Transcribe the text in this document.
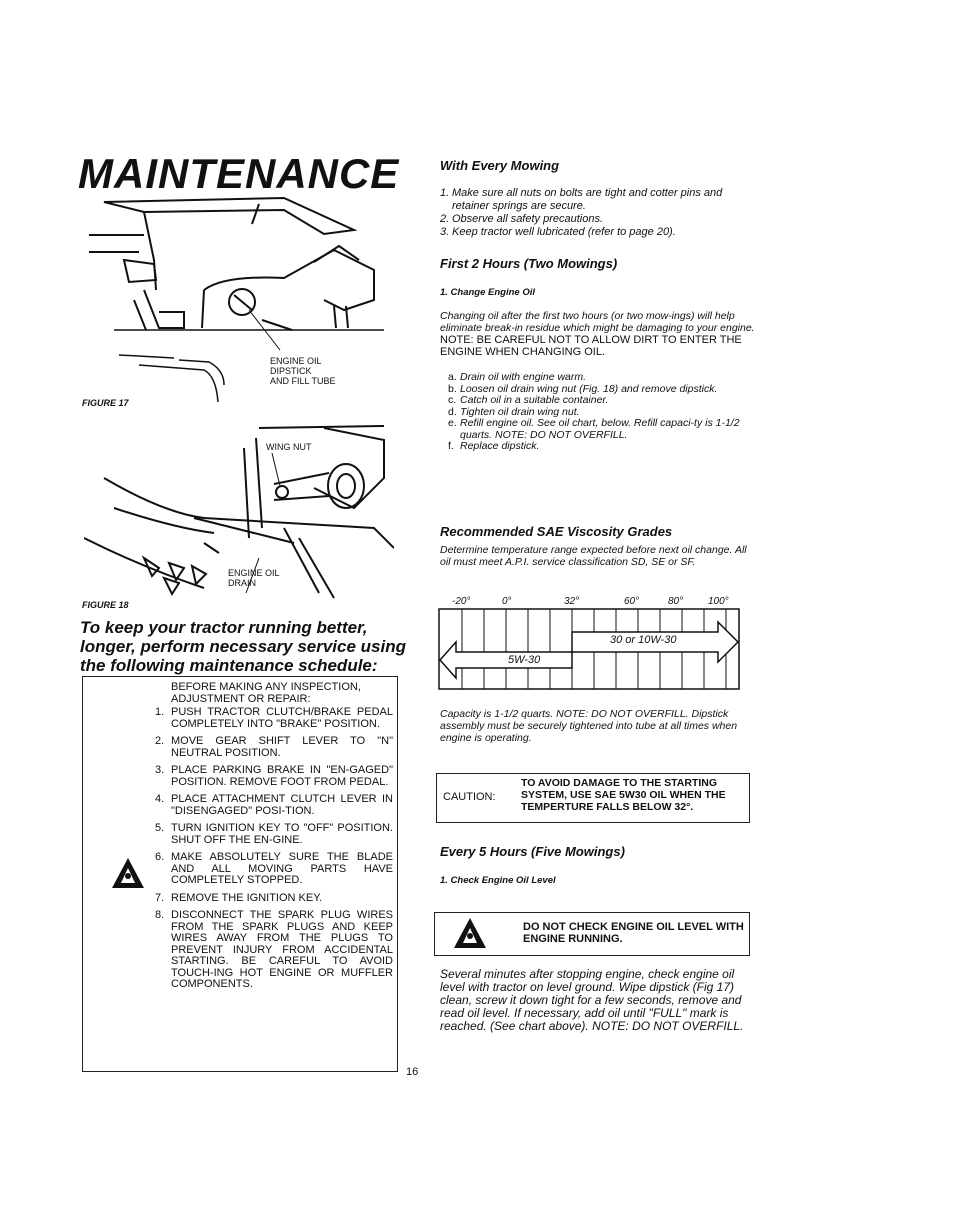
MAINTENANCE
ENGINE OIL
DIPSTICK
AND FILL TUBE
FIGURE 17
WING NUT
ENGINE OIL
DRAIN
FIGURE 18
To keep your tractor running better, longer, perform necessary service using the following maintenance schedule:
BEFORE MAKING ANY INSPECTION, ADJUSTMENT OR REPAIR:
1. PUSH TRACTOR CLUTCH/BRAKE PEDAL COMPLETELY INTO "BRAKE" POSITION.
2. MOVE GEAR SHIFT LEVER TO "N" NEUTRAL POSITION.
3. PLACE PARKING BRAKE IN "EN-GAGED" POSITION. REMOVE FOOT FROM PEDAL.
4. PLACE ATTACHMENT CLUTCH LEVER IN "DISENGAGED" POSI-TION.
5. TURN IGNITION KEY TO "OFF" POSITION. SHUT OFF THE EN-GINE.
6. MAKE ABSOLUTELY SURE THE BLADE AND ALL MOVING PARTS HAVE COMPLETELY STOPPED.
7. REMOVE THE IGNITION KEY.
8. DISCONNECT THE SPARK PLUG WIRES FROM THE SPARK PLUGS AND KEEP WIRES AWAY FROM THE PLUGS TO PREVENT INJURY FROM ACCIDENTAL STARTING. BE CAREFUL TO AVOID TOUCH-ING HOT ENGINE OR MUFFLER COMPONENTS.
16
With Every Mowing
1. Make sure all nuts on bolts are tight and cotter pins and retainer springs are secure.
2. Observe all safety precautions.
3. Keep tractor well lubricated (refer to page 20).
First 2 Hours (Two Mowings)
1. Change Engine Oil
Changing oil after the first two hours (or two mow-ings) will help eliminate break-in residue which might be damaging to your engine.
NOTE: BE CAREFUL NOT TO ALLOW DIRT TO ENTER THE ENGINE WHEN CHANGING OIL.
a. Drain oil with engine warm.
b. Loosen oil drain wing nut (Fig. 18) and remove dipstick.
c. Catch oil in a suitable container.
d. Tighten oil drain wing nut.
e. Refill engine oil. See oil chart, below. Refill capaci-ty is 1-1/2 quarts. NOTE: DO NOT OVERFILL.
f. Replace dipstick.
Recommended SAE Viscosity Grades
Determine temperature range expected before next oil change. All oil must meet A.P.I. service classification SD, SE or SF.
-20°	0°	32°	60°	80° 100°
30 or 10W-30
5W-30
Capacity is 1-1/2 quarts. NOTE: DO NOT OVERFILL. Dipstick assembly must be securely tightened into tube at all times when engine is operating.
CAUTION:
TO AVOID DAMAGE TO THE STARTING SYSTEM, USE SAE 5W30 OIL WHEN THE TEMPERTURE FALLS BELOW 32°.
Every 5 Hours (Five Mowings)
1. Check Engine Oil Level
DO NOT CHECK ENGINE OIL LEVEL WITH ENGINE RUNNING.
Several minutes after stopping engine, check engine oil level with tractor on level ground. Wipe dipstick (Fig 17) clean, screw it down tight for a few seconds, remove and read oil level. If necessary, add oil until "FULL" mark is reached. (See chart above). NOTE: DO NOT OVERFILL.
